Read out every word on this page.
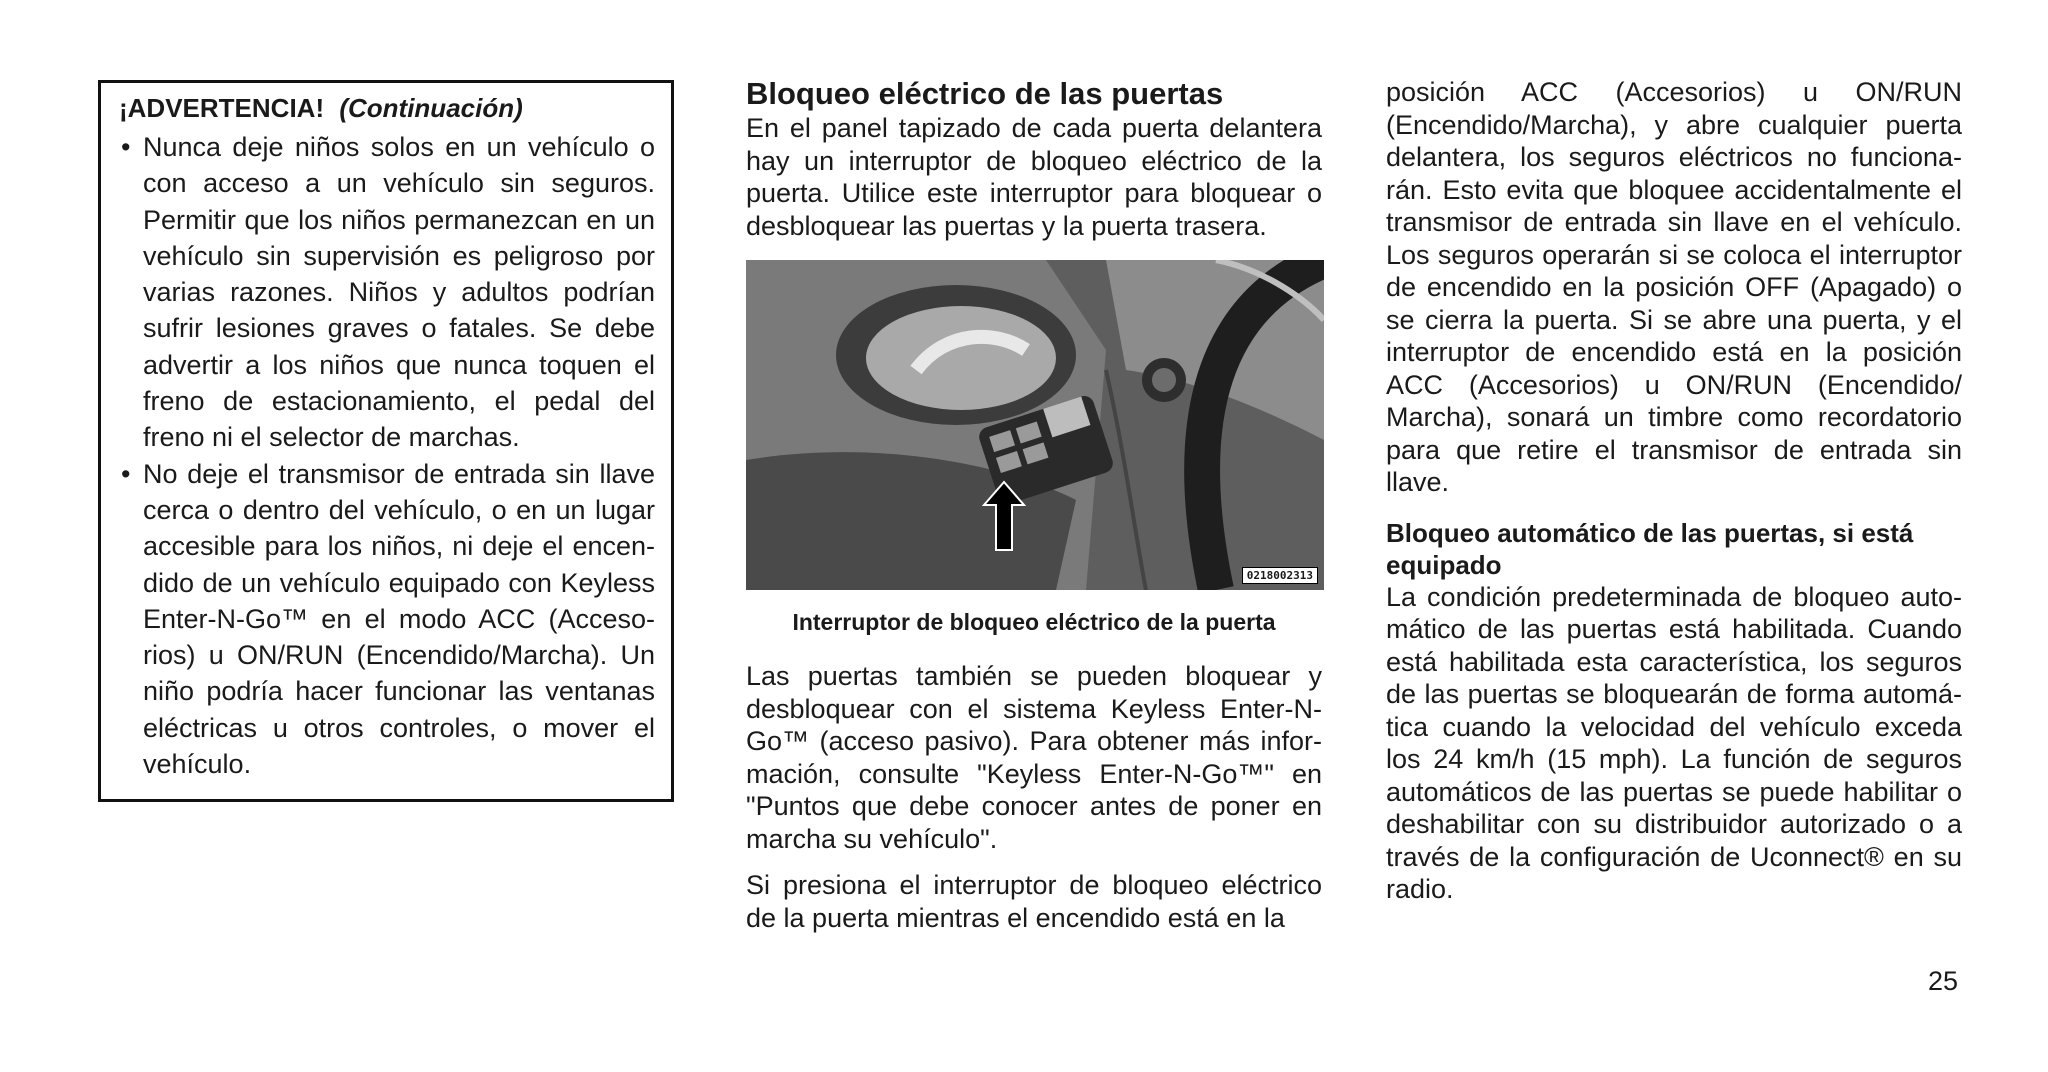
¡ADVERTENCIA! (Continuación)
• Nunca deje niños solos en un vehículo o con acceso a un vehículo sin seguros. Permitir que los niños permanezcan en un vehículo sin supervisión es peligroso por varias razones. Niños y adultos podrían sufrir lesiones graves o fatales. Se debe advertir a los niños que nunca toquen el freno de estacionamiento, el pedal del freno ni el selector de marchas.
• No deje el transmisor de entrada sin llave cerca o dentro del vehículo, o en un lugar accesible para los niños, ni deje el encen-dido de un vehículo equipado con Keyless Enter-N-Go™ en el modo ACC (Acceso-rios) u ON/RUN (Encendido/Marcha). Un niño podría hacer funcionar las ventanas eléctricas u otros controles, o mover el vehículo.
Bloqueo eléctrico de las puertas

En el panel tapizado de cada puerta delantera hay un interruptor de bloqueo eléctrico de la puerta. Utilice este interruptor para bloquear o desbloquear las puertas y la puerta trasera.

0218002313
Interruptor de bloqueo eléctrico de la puerta

Las puertas también se pueden bloquear y desbloquear con el sistema Keyless Enter-N-Go™ (acceso pasivo). Para obtener más infor-mación, consulte "Keyless Enter-N-Go™" en "Puntos que debe conocer antes de poner en marcha su vehículo".

Si presiona el interruptor de bloqueo eléctrico de la puerta mientras el encendido está en la

posición ACC (Accesorios) u ON/RUN (Encendido/Marcha), y abre cualquier puerta delantera, los seguros eléctricos no funciona-rán. Esto evita que bloquee accidentalmente el transmisor de entrada sin llave en el vehículo. Los seguros operarán si se coloca el interruptor de encendido en la posición OFF (Apagado) o se cierra la puerta. Si se abre una puerta, y el interruptor de encendido está en la posición ACC (Accesorios) u ON/RUN (Encendido/ Marcha), sonará un timbre como recordatorio para que retire el transmisor de entrada sin llave.

Bloqueo automático de las puertas, si está equipado

La condición predeterminada de bloqueo auto-mático de las puertas está habilitada. Cuando está habilitada esta característica, los seguros de las puertas se bloquearán de forma automá-tica cuando la velocidad del vehículo exceda los 24 km/h (15 mph). La función de seguros automáticos de las puertas se puede habilitar o deshabilitar con su distribuidor autorizado o a través de la configuración de Uconnect® en su radio.

25
